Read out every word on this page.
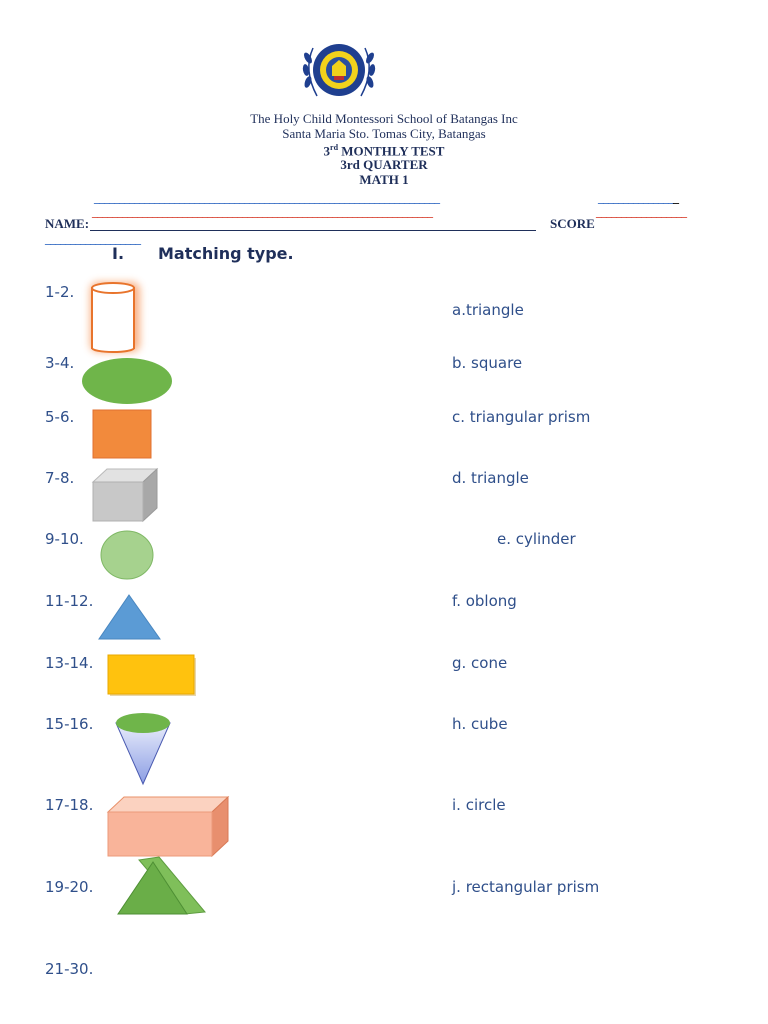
The Holy Child Montessori School of Batangas Inc
Santa Maria Sto. Tomas City, Batangas
3rd MONTHLY TEST
3rd QUARTER
MATH 1
_____________________________________________________________________	________________
____________________________________________________________________	__________________
NAME:	SCORE
___________________
I. Matching type.
1-2.
3-4.
5-6.
7-8.
9-10.
11-12.
13-14.
15-16.
17-18.
19-20.
21-30.
a.triangle
b. square
c. triangular prism
d. triangle
e. cylinder
f. oblong
g. cone
h. cube
i. circle
j. rectangular prism
